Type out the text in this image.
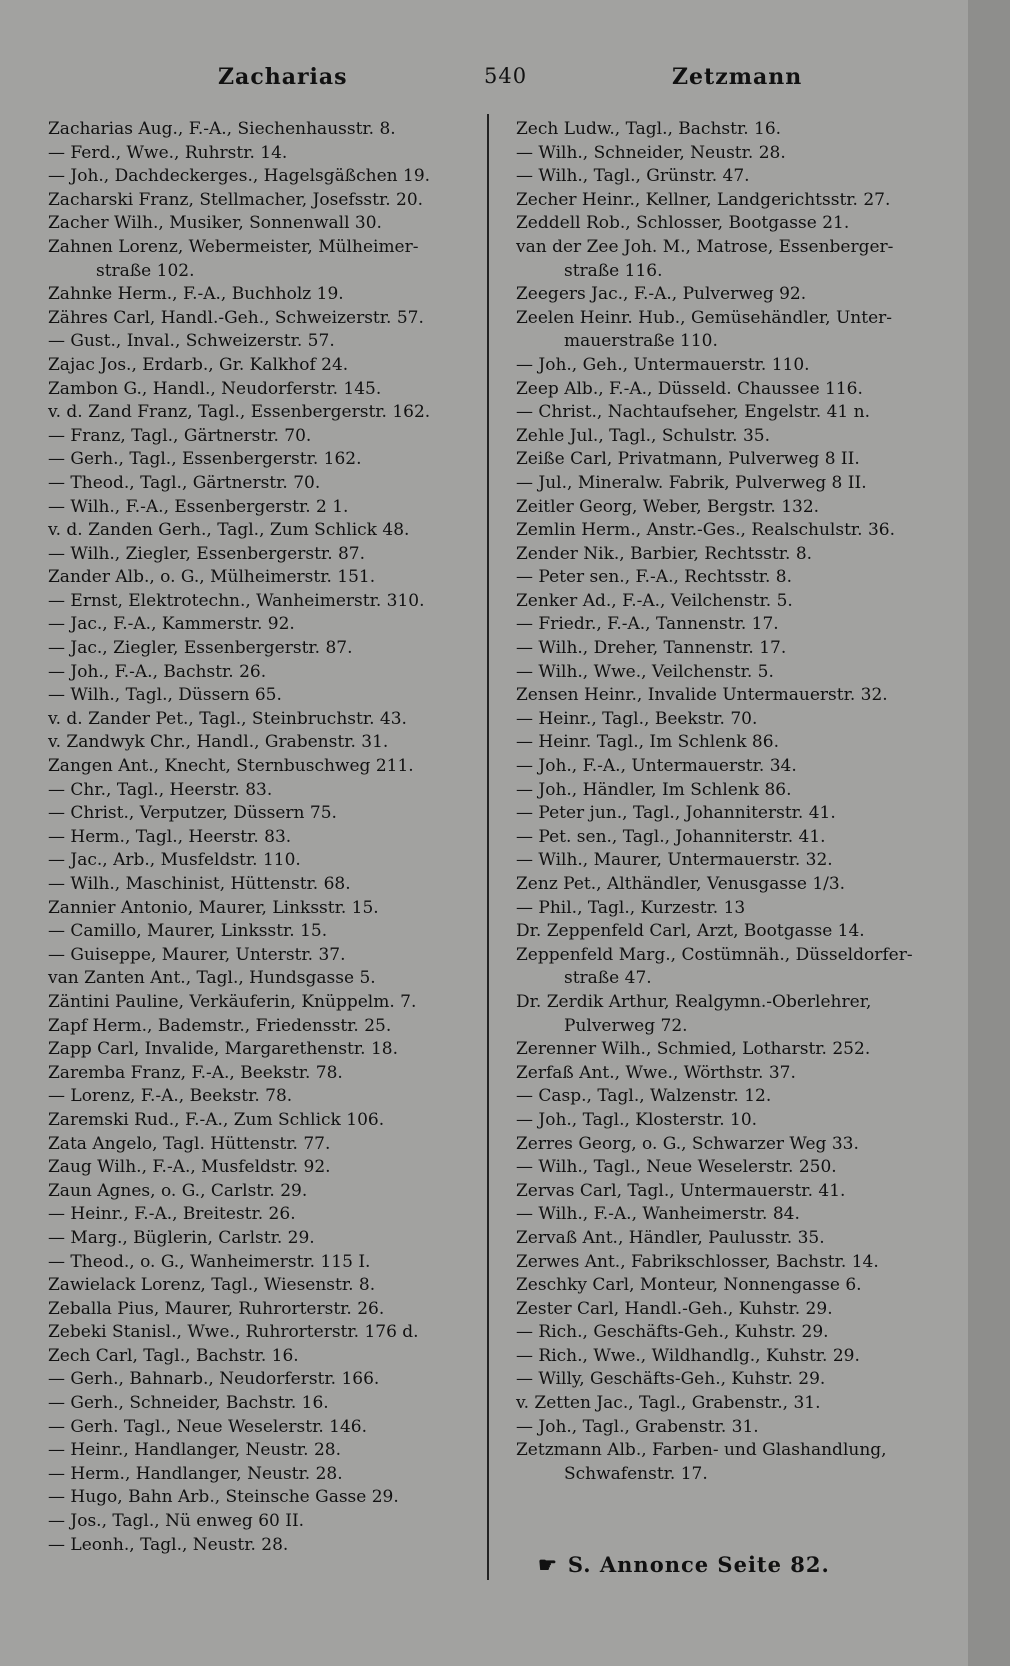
Zacharias	540	Zetzmann
Zacharias Aug., F.-A., Siechenhausstr. 8.
— Ferd., Wwe., Ruhrstr. 14.
— Joh., Dachdeckerges., Hagelsgäßchen 19.
Zacharski Franz, Stellmacher, Josefsstr. 20.
Zacher Wilh., Musiker, Sonnenwall 30.
Zahnen Lorenz, Webermeister, Mülheimer-
straße 102.
Zahnke Herm., F.-A., Buchholz 19.
Zähres Carl, Handl.-Geh., Schweizerstr. 57.
— Gust., Inval., Schweizerstr. 57.
Zajac Jos., Erdarb., Gr. Kalkhof 24.
Zambon G., Handl., Neudorferstr. 145.
v. d. Zand Franz, Tagl., Essenbergerstr. 162.
— Franz, Tagl., Gärtnerstr. 70.
— Gerh., Tagl., Essenbergerstr. 162.
— Theod., Tagl., Gärtnerstr. 70.
— Wilh., F.-A., Essenbergerstr. 2 1.
v. d. Zanden Gerh., Tagl., Zum Schlick 48.
— Wilh., Ziegler, Essenbergerstr. 87.
Zander Alb., o. G., Mülheimerstr. 151.
— Ernst, Elektrotechn., Wanheimerstr. 310.
— Jac., F.-A., Kammerstr. 92.
— Jac., Ziegler, Essenbergerstr. 87.
— Joh., F.-A., Bachstr. 26.
— Wilh., Tagl., Düssern 65.
v. d. Zander Pet., Tagl., Steinbruchstr. 43.
v. Zandwyk Chr., Handl., Grabenstr. 31.
Zangen Ant., Knecht, Sternbuschweg 211.
— Chr., Tagl., Heerstr. 83.
— Christ., Verputzer, Düssern 75.
— Herm., Tagl., Heerstr. 83.
— Jac., Arb., Musfeldstr. 110.
— Wilh., Maschinist, Hüttenstr. 68.
Zannier Antonio, Maurer, Linksstr. 15.
— Camillo, Maurer, Linksstr. 15.
— Guiseppe, Maurer, Unterstr. 37.
van Zanten Ant., Tagl., Hundsgasse 5.
Zäntini Pauline, Verkäuferin, Knüppelm. 7.
Zapf Herm., Bademstr., Friedensstr. 25.
Zapp Carl, Invalide, Margarethenstr. 18.
Zaremba Franz, F.-A., Beekstr. 78.
— Lorenz, F.-A., Beekstr. 78.
Zaremski Rud., F.-A., Zum Schlick 106.
Zata Angelo, Tagl. Hüttenstr. 77.
Zaug Wilh., F.-A., Musfeldstr. 92.
Zaun Agnes, o. G., Carlstr. 29.
— Heinr., F.-A., Breitestr. 26.
— Marg., Büglerin, Carlstr. 29.
— Theod., o. G., Wanheimerstr. 115 I.
Zawielack Lorenz, Tagl., Wiesenstr. 8.
Zeballa Pius, Maurer, Ruhrorterstr. 26.
Zebeki Stanisl., Wwe., Ruhrorterstr. 176 d.
Zech Carl, Tagl., Bachstr. 16.
— Gerh., Bahnarb., Neudorferstr. 166.
— Gerh., Schneider, Bachstr. 16.
— Gerh. Tagl., Neue Weselerstr. 146.
— Heinr., Handlanger, Neustr. 28.
— Herm., Handlanger, Neustr. 28.
— Hugo, Bahn Arb., Steinsche Gasse 29.
— Jos., Tagl., Nü enweg 60 II.
— Leonh., Tagl., Neustr. 28.
Zech Ludw., Tagl., Bachstr. 16.
— Wilh., Schneider, Neustr. 28.
— Wilh., Tagl., Grünstr. 47.
Zecher Heinr., Kellner, Landgerichtsstr. 27.
Zeddell Rob., Schlosser, Bootgasse 21.
van der Zee Joh. M., Matrose, Essenberger-
straße 116.
Zeegers Jac., F.-A., Pulverweg 92.
Zeelen Heinr. Hub., Gemüsehändler, Unter-
mauerstraße 110.
— Joh., Geh., Untermauerstr. 110.
Zeep Alb., F.-A., Düsseld. Chaussee 116.
— Christ., Nachtaufseher, Engelstr. 41 n.
Zehle Jul., Tagl., Schulstr. 35.
Zeiße Carl, Privatmann, Pulverweg 8 II.
— Jul., Mineralw. Fabrik, Pulverweg 8 II.
Zeitler Georg, Weber, Bergstr. 132.
Zemlin Herm., Anstr.-Ges., Realschulstr. 36.
Zender Nik., Barbier, Rechtsstr. 8.
— Peter sen., F.-A., Rechtsstr. 8.
Zenker Ad., F.-A., Veilchenstr. 5.
— Friedr., F.-A., Tannenstr. 17.
— Wilh., Dreher, Tannenstr. 17.
— Wilh., Wwe., Veilchenstr. 5.
Zensen Heinr., Invalide Untermauerstr. 32.
— Heinr., Tagl., Beekstr. 70.
— Heinr. Tagl., Im Schlenk 86.
— Joh., F.-A., Untermauerstr. 34.
— Joh., Händler, Im Schlenk 86.
— Peter jun., Tagl., Johanniterstr. 41.
— Pet. sen., Tagl., Johanniterstr. 41.
— Wilh., Maurer, Untermauerstr. 32.
Zenz Pet., Althändler, Venusgasse 1/3.
— Phil., Tagl., Kurzestr. 13
Dr. Zeppenfeld Carl, Arzt, Bootgasse 14.
Zeppenfeld Marg., Costümnäh., Düsseldorfer-
straße 47.
Dr. Zerdik Arthur, Realgymn.-Oberlehrer,
Pulverweg 72.
Zerenner Wilh., Schmied, Lotharstr. 252.
Zerfaß Ant., Wwe., Wörthstr. 37.
— Casp., Tagl., Walzenstr. 12.
— Joh., Tagl., Klosterstr. 10.
Zerres Georg, o. G., Schwarzer Weg 33.
— Wilh., Tagl., Neue Weselerstr. 250.
Zervas Carl, Tagl., Untermauerstr. 41.
— Wilh., F.-A., Wanheimerstr. 84.
Zervaß Ant., Händler, Paulusstr. 35.
Zerwes Ant., Fabrikschlosser, Bachstr. 14.
Zeschky Carl, Monteur, Nonnengasse 6.
Zester Carl, Handl.-Geh., Kuhstr. 29.
— Rich., Geschäfts-Geh., Kuhstr. 29.
— Rich., Wwe., Wildhandlg., Kuhstr. 29.
— Willy, Geschäfts-Geh., Kuhstr. 29.
v. Zetten Jac., Tagl., Grabenstr., 31.
— Joh., Tagl., Grabenstr. 31.
Zetzmann Alb., Farben- und Glashandlung,
Schwafenstr. 17.
☛ S. Annonce Seite 82.
